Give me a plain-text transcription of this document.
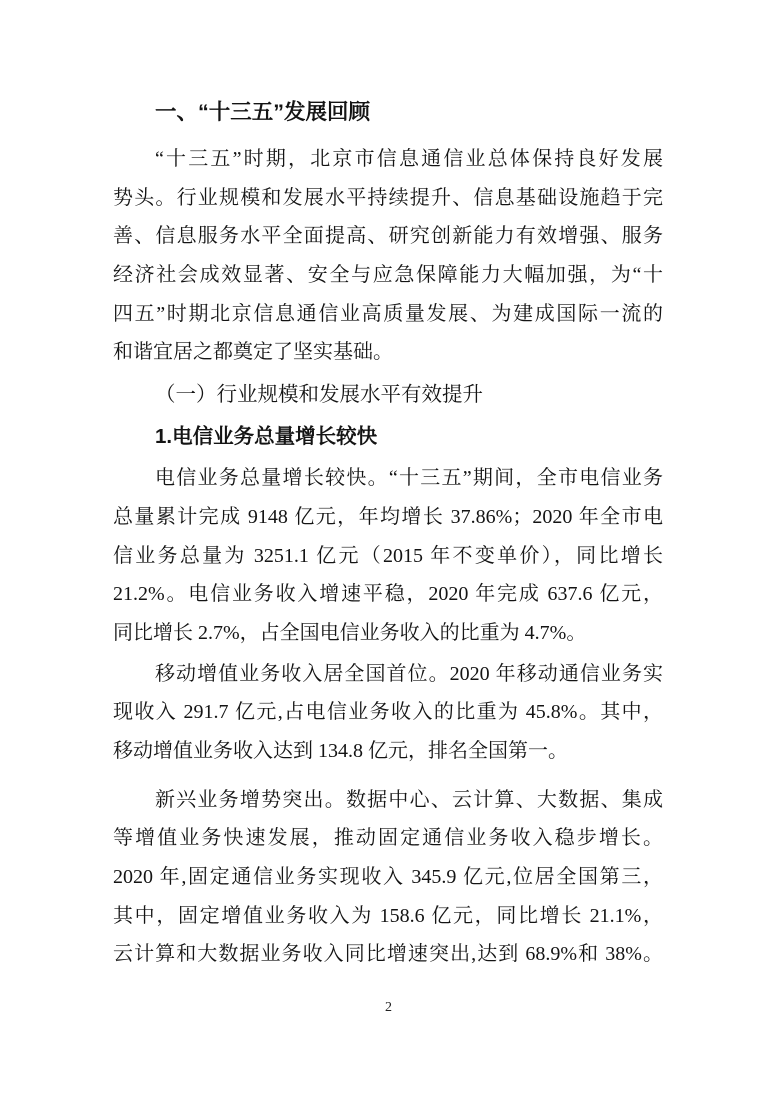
一、“十三五”发展回顾
“十三五”时期，北京市信息通信业总体保持良好发展
势头。行业规模和发展水平持续提升、信息基础设施趋于完
善、信息服务水平全面提高、研究创新能力有效增强、服务
经济社会成效显著、安全与应急保障能力大幅加强，为“十
四五”时期北京信息通信业高质量发展、为建成国际一流的
和谐宜居之都奠定了坚实基础。
（一）行业规模和发展水平有效提升
1.电信业务总量增长较快
电信业务总量增长较快。“十三五”期间，全市电信业务
总量累计完成 9148 亿元，年均增长 37.86%；2020 年全市电
信业务总量为 3251.1 亿元（2015 年不变单价），同比增长
21.2%。电信业务收入增速平稳，2020 年完成 637.6 亿元，
同比增长 2.7%，占全国电信业务收入的比重为 4.7%。
移动增值业务收入居全国首位。2020 年移动通信业务实
现收入 291.7 亿元,占电信业务收入的比重为 45.8%。其中，
移动增值业务收入达到 134.8 亿元，排名全国第一。
新兴业务增势突出。数据中心、云计算、大数据、集成
等增值业务快速发展，推动固定通信业务收入稳步增长。
2020 年,固定通信业务实现收入 345.9 亿元,位居全国第三，
其中，固定增值业务收入为 158.6 亿元，同比增长 21.1%，
云计算和大数据业务收入同比增速突出,达到 68.9%和 38%。
2
